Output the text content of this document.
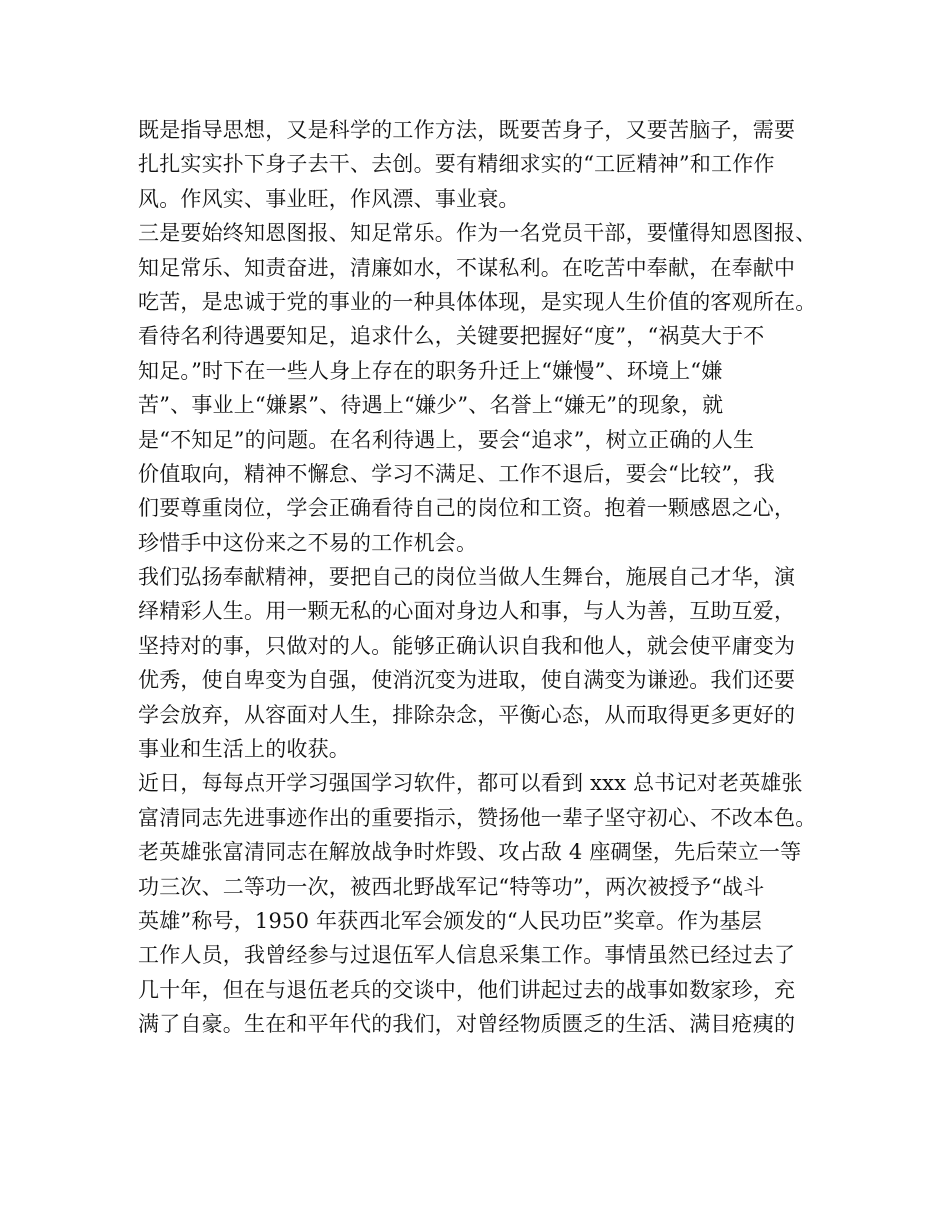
既是指导思想，又是科学的工作方法，既要苦身子，又要苦脑子，需要
扎扎实实扑下身子去干、去创。要有精细求实的“工匠精神”和工作作
风。作风实、事业旺，作风漂、事业衰。
三是要始终知恩图报、知足常乐。作为一名党员干部，要懂得知恩图报、
知足常乐、知责奋进，清廉如水，不谋私利。在吃苦中奉献，在奉献中
吃苦，是忠诚于党的事业的一种具体体现，是实现人生价值的客观所在。
看待名利待遇要知足，追求什么，关键要把握好“度”，“祸莫大于不
知足。”时下在一些人身上存在的职务升迁上“嫌慢”、环境上“嫌
苦”、事业上“嫌累”、待遇上“嫌少”、名誉上“嫌无”的现象，就
是“不知足”的问题。在名利待遇上，要会“追求”，树立正确的人生
价值取向，精神不懈怠、学习不满足、工作不退后，要会“比较”，我
们要尊重岗位，学会正确看待自己的岗位和工资。抱着一颗感恩之心，
珍惜手中这份来之不易的工作机会。
我们弘扬奉献精神，要把自己的岗位当做人生舞台，施展自己才华，演
绎精彩人生。用一颗无私的心面对身边人和事，与人为善，互助互爱，
坚持对的事，只做对的人。能够正确认识自我和他人，就会使平庸变为
优秀，使自卑变为自强，使消沉变为进取，使自满变为谦逊。我们还要
学会放弃，从容面对人生，排除杂念，平衡心态，从而取得更多更好的
事业和生活上的收获。
近日，每每点开学习强国学习软件，都可以看到 xxx 总书记对老英雄张
富清同志先进事迹作出的重要指示，赞扬他一辈子坚守初心、不改本色。
老英雄张富清同志在解放战争时炸毁、攻占敌 4 座碉堡，先后荣立一等
功三次、二等功一次，被西北野战军记“特等功”，两次被授予“战斗
英雄”称号，1950 年获西北军会颁发的“人民功臣”奖章。作为基层
工作人员，我曾经参与过退伍军人信息采集工作。事情虽然已经过去了
几十年，但在与退伍老兵的交谈中，他们讲起过去的战事如数家珍，充
满了自豪。生在和平年代的我们，对曾经物质匮乏的生活、满目疮痍的
